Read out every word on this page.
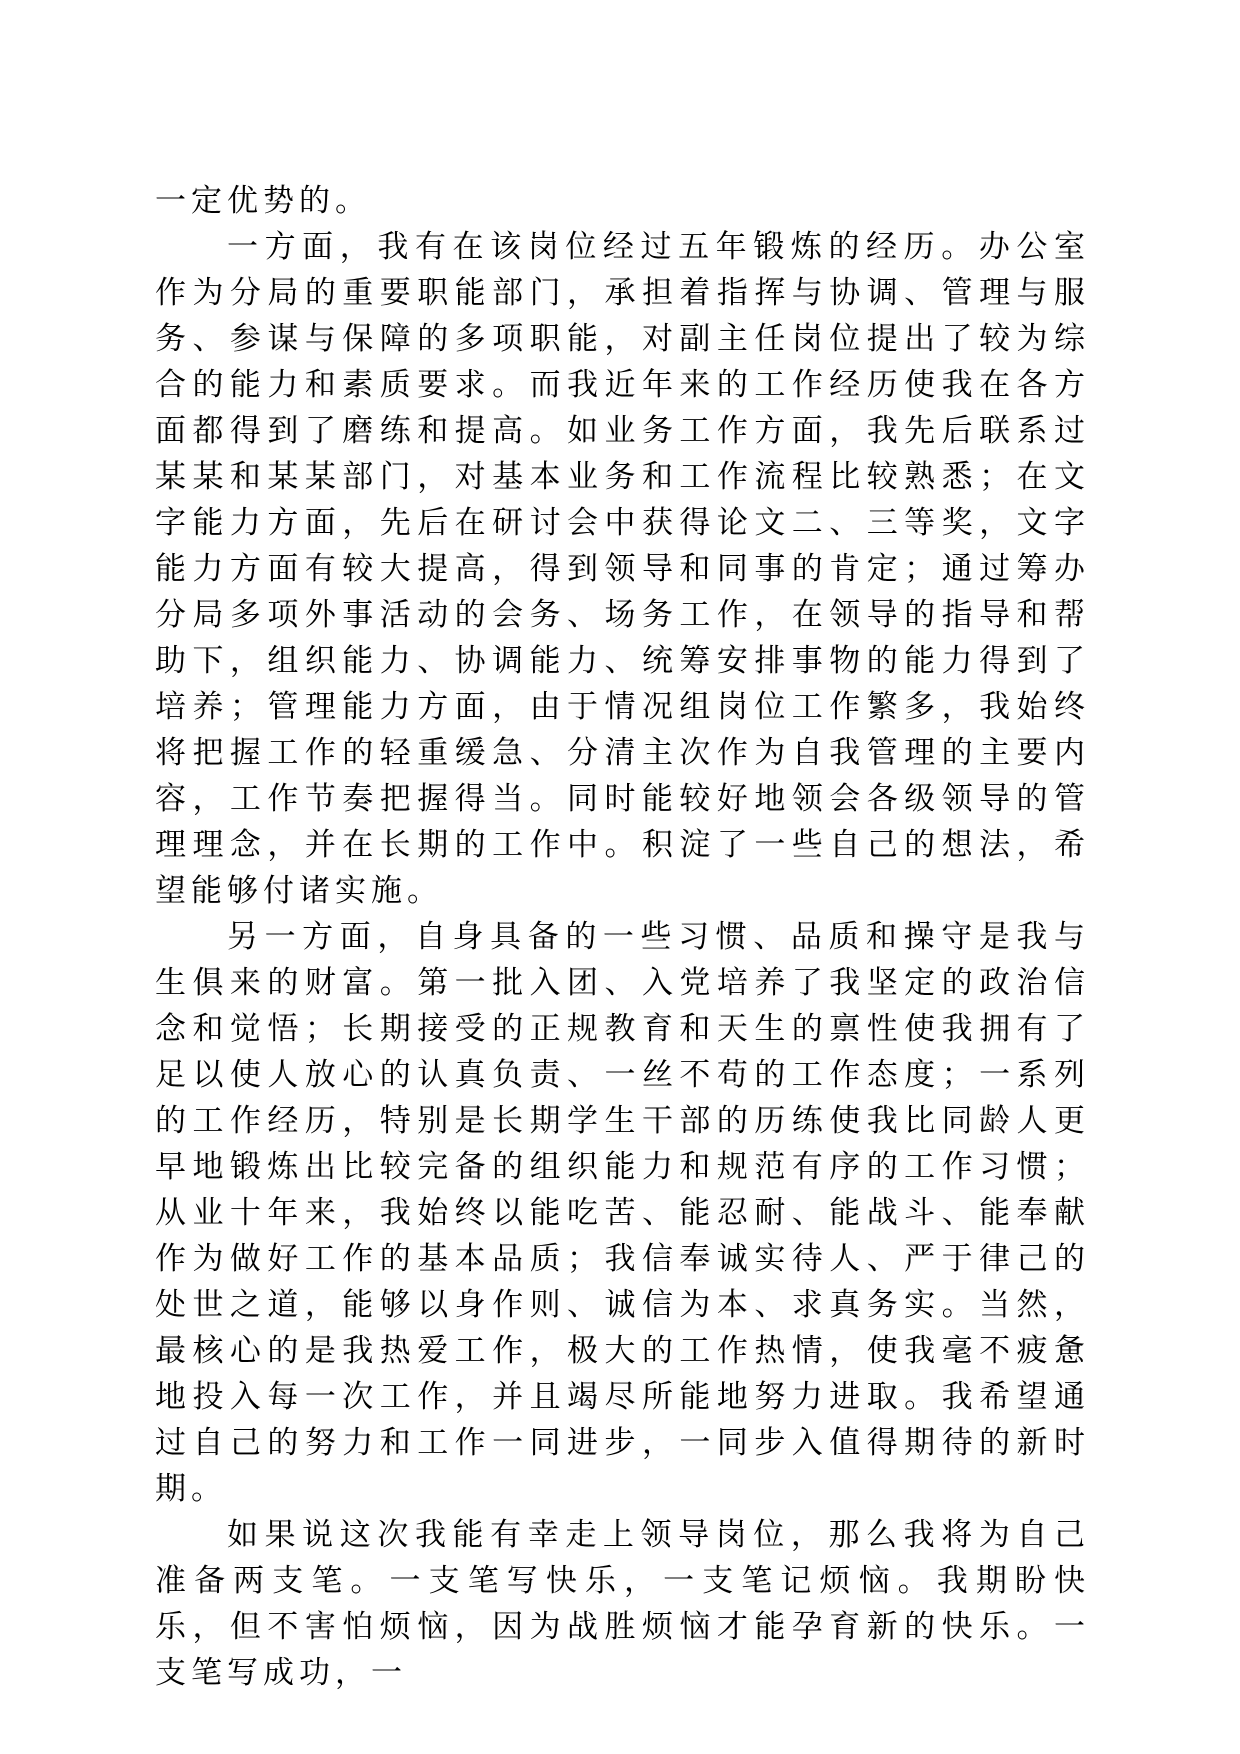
一定优势的。

一方面，我有在该岗位经过五年锻炼的经历。办公室作为分局的重要职能部门，承担着指挥与协调、管理与服务、参谋与保障的多项职能，对副主任岗位提出了较为综合的能力和素质要求。而我近年来的工作经历使我在各方面都得到了磨练和提高。如业务工作方面，我先后联系过某某和某某部门，对基本业务和工作流程比较熟悉；在文字能力方面，先后在研讨会中获得论文二、三等奖，文字能力方面有较大提高，得到领导和同事的肯定；通过筹办分局多项外事活动的会务、场务工作，在领导的指导和帮助下，组织能力、协调能力、统筹安排事物的能力得到了培养；管理能力方面，由于情况组岗位工作繁多，我始终将把握工作的轻重缓急、分清主次作为自我管理的主要内容，工作节奏把握得当。同时能较好地领会各级领导的管理理念，并在长期的工作中。积淀了一些自己的想法，希望能够付诸实施。

另一方面，自身具备的一些习惯、品质和操守是我与生俱来的财富。第一批入团、入党培养了我坚定的政治信念和觉悟；长期接受的正规教育和天生的禀性使我拥有了足以使人放心的认真负责、一丝不苟的工作态度；一系列的工作经历，特别是长期学生干部的历练使我比同龄人更早地锻炼出比较完备的组织能力和规范有序的工作习惯；从业十年来，我始终以能吃苦、能忍耐、能战斗、能奉献作为做好工作的基本品质；我信奉诚实待人、严于律己的处世之道，能够以身作则、诚信为本、求真务实。当然，最核心的是我热爱工作，极大的工作热情，使我毫不疲惫地投入每一次工作，并且竭尽所能地努力进取。我希望通过自己的努力和工作一同进步，一同步入值得期待的新时期。

如果说这次我能有幸走上领导岗位，那么我将为自己准备两支笔。一支笔写快乐，一支笔记烦恼。我期盼快乐，但不害怕烦恼，因为战胜烦恼才能孕育新的快乐。一支笔写成功，一
